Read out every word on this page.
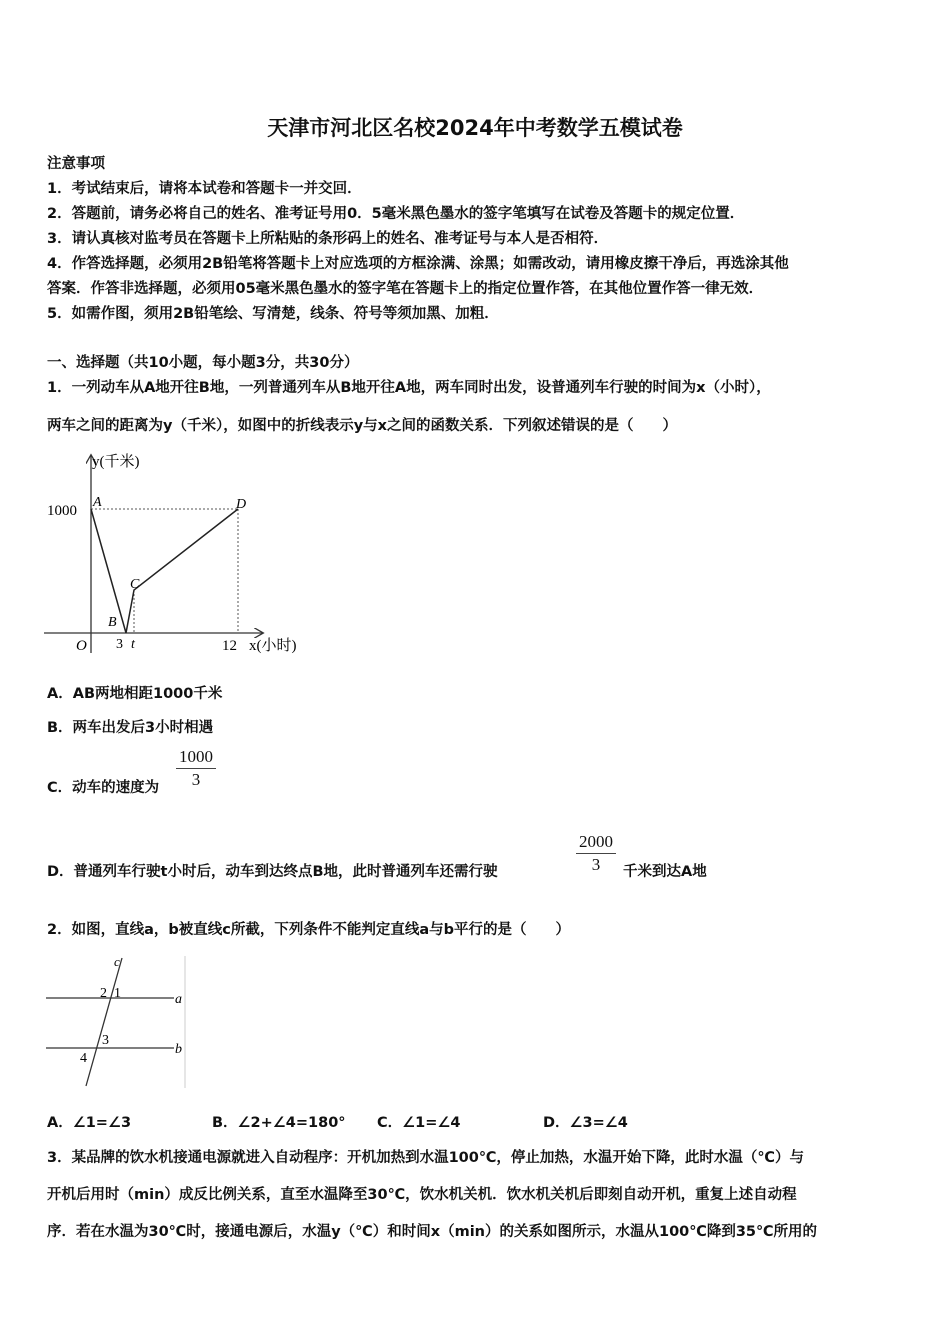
天津市河北区名校2024年中考数学五模试卷
注意事项
1．考试结束后，请将本试卷和答题卡一并交回．
2．答题前，请务必将自己的姓名、准考证号用0．5毫米黑色墨水的签字笔填写在试卷及答题卡的规定位置．
3．请认真核对监考员在答题卡上所粘贴的条形码上的姓名、准考证号与本人是否相符．
4．作答选择题，必须用2B铅笔将答题卡上对应选项的方框涂满、涂黑；如需改动，请用橡皮擦干净后，再选涂其他
答案．作答非选择题，必须用05毫米黑色墨水的签字笔在答题卡上的指定位置作答，在其他位置作答一律无效．
5．如需作图，须用2B铅笔绘、写清楚，线条、符号等须加黑、加粗．
一、选择题（共10小题，每小题3分，共30分）
1．一列动车从A地开往B地，一列普通列车从B地开往A地，两车同时出发，设普通列车行驶的时间为x（小时），
两车之间的距离为y（千米），如图中的折线表示y与x之间的函数关系．下列叙述错误的是（　　）
y(千米)
x(小时)
1000
O 3 t	12
A
B
C
D
A．AB两地相距1000千米
B．两车出发后3小时相遇
C．动车的速度为 $\frac{1000}{3}$
D．普通列车行驶t小时后，动车到达终点B地，此时普通列车还需行驶	$\frac{2000}{3}$ 千米到达A地
2．如图，直线a，b被直线c所截，下列条件不能判定直线a与b平行的是（　　）
c
a
b
2 1
3
4
A．∠1=∠3	B．∠2+∠4=180° C．∠1=∠4	D．∠3=∠4
3．某品牌的饮水机接通电源就进入自动程序：开机加热到水温100℃，停止加热，水温开始下降，此时水温（℃）与
开机后用时（min）成反比例关系，直至水温降至30℃，饮水机关机．饮水机关机后即刻自动开机，重复上述自动程
序．若在水温为30℃时，接通电源后，水温y（℃）和时间x（min）的关系如图所示，水温从100℃降到35℃所用的
